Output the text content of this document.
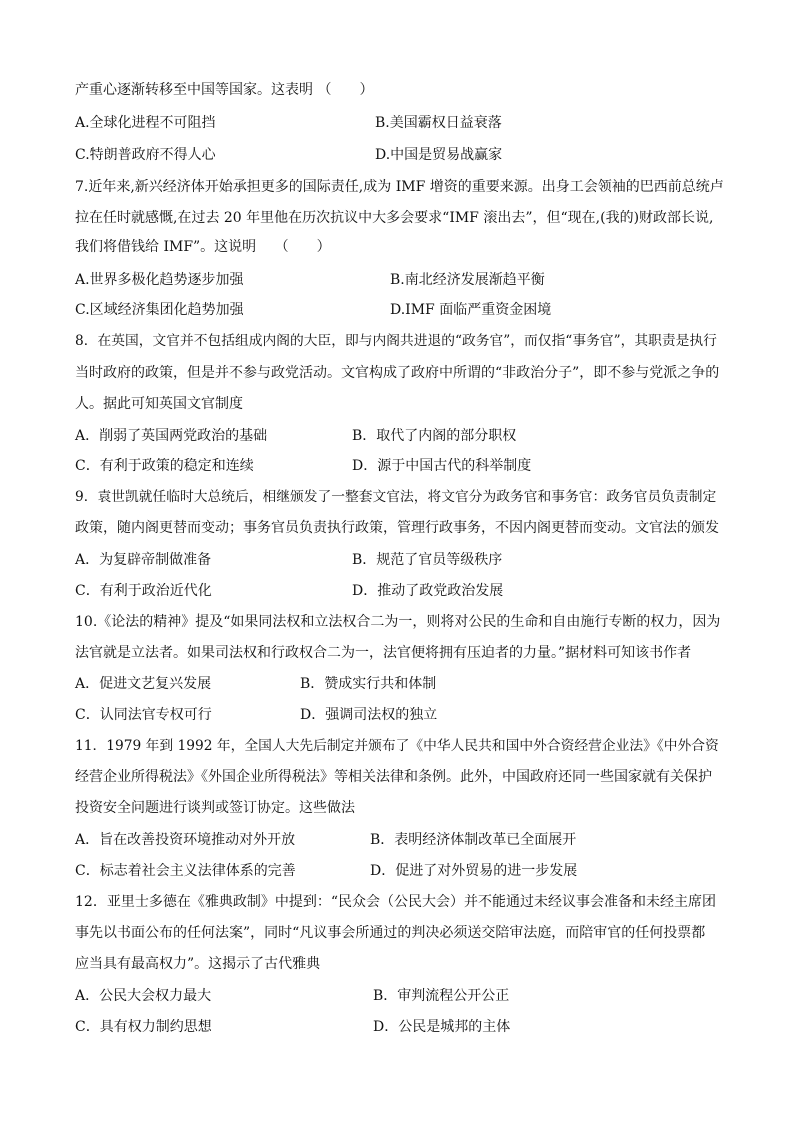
产重心逐渐转移至中国等国家。这表明 （　　）
A.全球化进程不可阻挡	B.美国霸权日益衰落
C.特朗普政府不得人心	D.中国是贸易战赢家
7.近年来,新兴经济体开始承担更多的国际责任,成为 IMF 增资的重要来源。出身工会领袖的巴西前总统卢
拉在任时就感慨,在过去 20 年里他在历次抗议中大多会要求“IMF 滚出去”，但“现在,(我的)财政部长说,
我们将借钱给 IMF”。这说明　 （　　）
A.世界多极化趋势逐步加强	B.南北经济发展渐趋平衡
C.区域经济集团化趋势加强	D.IMF 面临严重资金困境
8．在英国，文官并不包括组成内阁的大臣，即与内阁共进退的“政务官”，而仅指“事务官”，其职责是执行
当时政府的政策，但是并不参与政党活动。文官构成了政府中所谓的“非政治分子”，即不参与党派之争的
人。据此可知英国文官制度
A．削弱了英国两党政治的基础	B．取代了内阁的部分职权
C．有利于政策的稳定和连续	D．源于中国古代的科举制度
9．袁世凯就任临时大总统后，相继颁发了一整套文官法，将文官分为政务官和事务官：政务官员负责制定
政策，随内阁更替而变动；事务官员负责执行政策，管理行政事务，不因内阁更替而变动。文官法的颁发
A．为复辟帝制做准备	B．规范了官员等级秩序
C．有利于政治近代化	D．推动了政党政治发展
10.《论法的精神》提及“如果同法权和立法权合二为一，则将对公民的生命和自由施行专断的权力，因为
法官就是立法者。如果司法权和行政权合二为一，法官便将拥有压迫者的力量。”据材料可知该书作者
A．促进文艺复兴发展	B．赞成实行共和体制
C．认同法官专权可行	D．强调司法权的独立
11．1979 年到 1992 年，全国人大先后制定并颁布了《中华人民共和国中外合资经营企业法》《中外合资
经营企业所得税法》《外国企业所得税法》等相关法律和条例。此外，中国政府还同一些国家就有关保护
投资安全问题进行谈判或签订协定。这些做法
A．旨在改善投资环境推动对外开放	B．表明经济体制改革已全面展开
C．标志着社会主义法律体系的完善	D．促进了对外贸易的进一步发展
12．亚里士多德在《雅典政制》中提到：“民众会（公民大会）并不能通过未经议事会准备和未经主席团
事先以书面公布的任何法案”，同时“凡议事会所通过的判决必须送交陪审法庭，而陪审官的任何投票都
应当具有最高权力”。这揭示了古代雅典
A．公民大会权力最大	B．审判流程公开公正
C．具有权力制约思想	D．公民是城邦的主体
